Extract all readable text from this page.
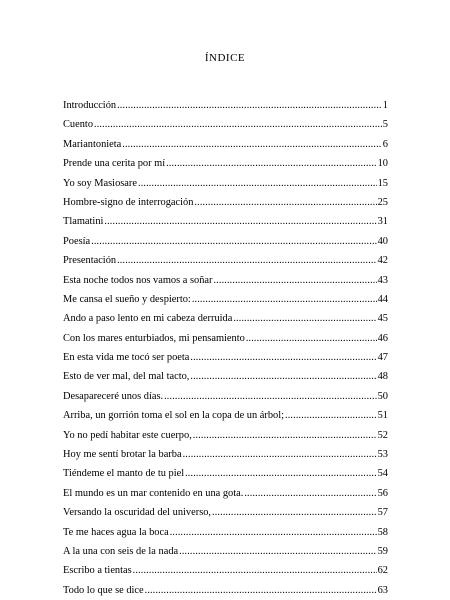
ÍNDICE
Introducción .....	1
Cuento .....	5
Mariantonieta .....	6
Prende una cerita por mí .....	10
Yo soy Masiosare .....	15
Hombre-signo de interrogación .....	25
Tlamatini .....	31
Poesía .....	40
Presentación .....	42
Esta noche todos nos vamos a soñar .....	43
Me cansa el sueño y despierto: .....	44
Ando a paso lento en mi cabeza derruida .....	45
Con los mares enturbiados, mi pensamiento .....	46
En esta vida me tocó ser poeta .....	47
Esto de ver mal, del mal tacto, .....	48
Desapareceré unos días. .....	50
Arriba, un gorrión toma el sol en la copa de un árbol; .....	51
Yo no pedí habitar este cuerpo, .....	52
Hoy me sentí brotar la barba .....	53
Tiéndeme el manto de tu piel .....	54
El mundo es un mar contenido en una gota. .....	56
Versando la oscuridad del universo, .....	57
Te me haces agua la boca .....	58
A la una con seis de la nada .....	59
Escribo a tientas .....	62
Todo lo que se dice .....	63
